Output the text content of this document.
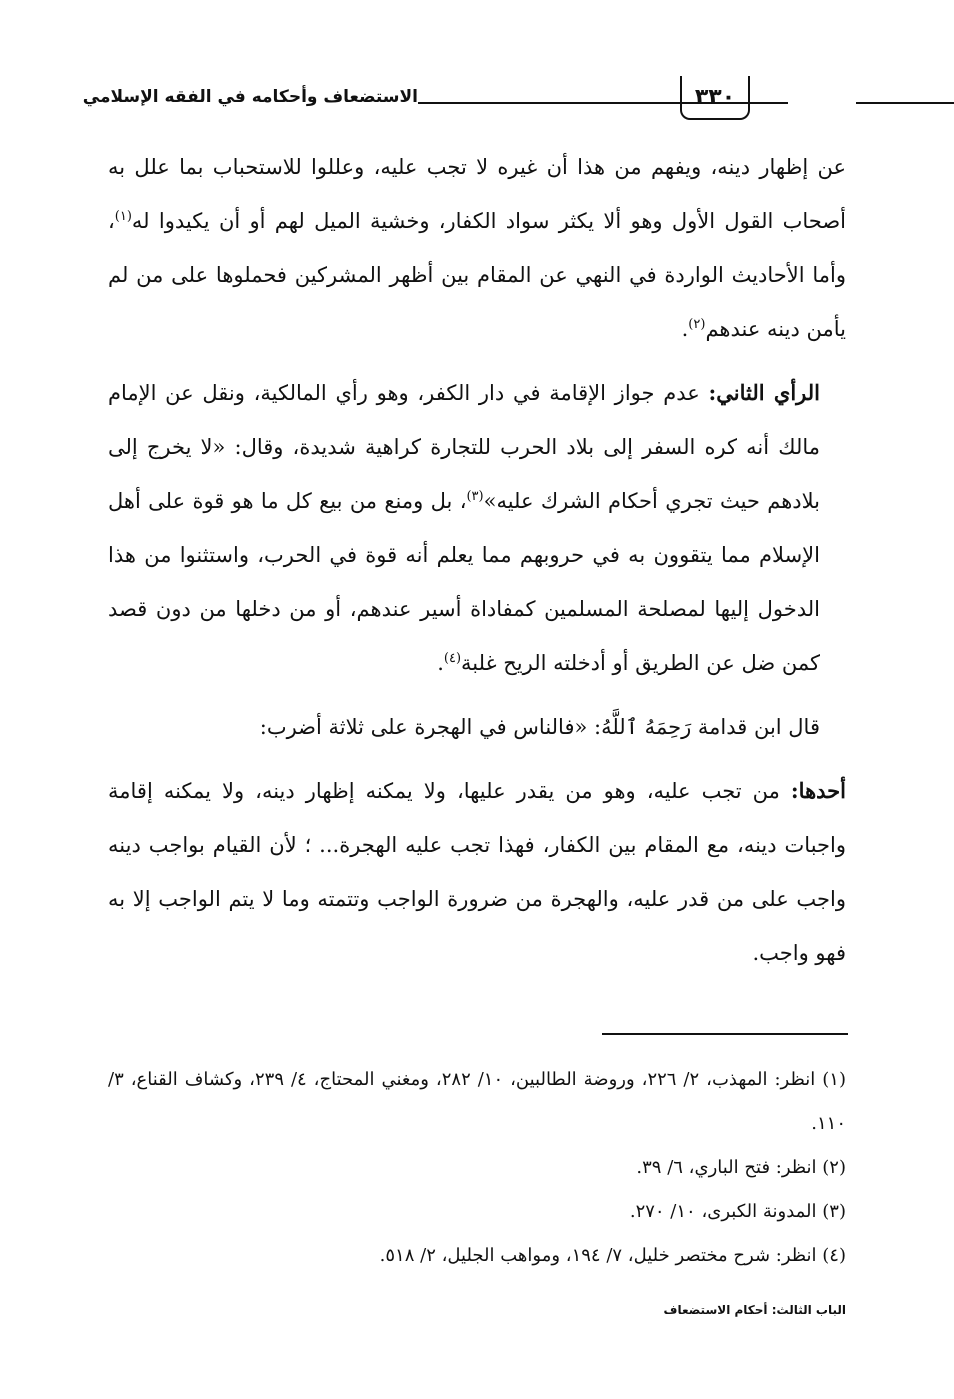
٣٣٠
الاستضعاف وأحكامه في الفقه الإسلامي

عن إظهار دينه، ويفهم من هذا أن غيره لا تجب عليه، وعللوا للاستحباب بما علل به أصحاب القول الأول وهو ألا يكثر سواد الكفار، وخشية الميل لهم أو أن يكيدوا له$^{(١)}$، وأما الأحاديث الواردة في النهي عن المقام بين أظهر المشركين فحملوها على من لم يأمن دينه عندهم$^{(٢)}$.

الرأي الثاني: عدم جواز الإقامة في دار الكفر، وهو رأي المالكية، ونقل عن الإمام مالك أنه كره السفر إلى بلاد الحرب للتجارة كراهية شديدة، وقال: «لا يخرج إلى بلادهم حيث تجري أحكام الشرك عليه»$^{(٣)}$، بل ومنع من بيع كل ما هو قوة على أهل الإسلام مما يتقوون به في حروبهم مما يعلم أنه قوة في الحرب، واستثنوا من هذا الدخول إليها لمصلحة المسلمين كمفاداة أسير عندهم، أو من دخلها من دون قصد كمن ضل عن الطريق أو أدخلته الريح غلبة$^{(٤)}$.

قال ابن قدامة رَحِمَهُ ٱللَّهُ: «فالناس في الهجرة على ثلاثة أضرب:

أحدها: من تجب عليه، وهو من يقدر عليها، ولا يمكنه إظهار دينه، ولا يمكنه إقامة واجبات دينه، مع المقام بين الكفار، فهذا تجب عليه الهجرة... ؛ لأن القيام بواجب دينه واجب على من قدر عليه، والهجرة من ضرورة الواجب وتتمته وما لا يتم الواجب إلا به فهو واجب.

(١) انظر: المهذب، ٢/ ٢٢٦، وروضة الطالبين، ١٠/ ٢٨٢، ومغني المحتاج، ٤/ ٢٣٩، وكشاف القناع، ٣/ ١١٠.

(٢) انظر: فتح الباري، ٦/ ٣٩.

(٣) المدونة الكبرى، ١٠/ ٢٧٠.

(٤) انظر: شرح مختصر خليل، ٧/ ١٩٤، ومواهب الجليل، ٢/ ٥١٨.

الباب الثالث: أحكام الاستضعاف
